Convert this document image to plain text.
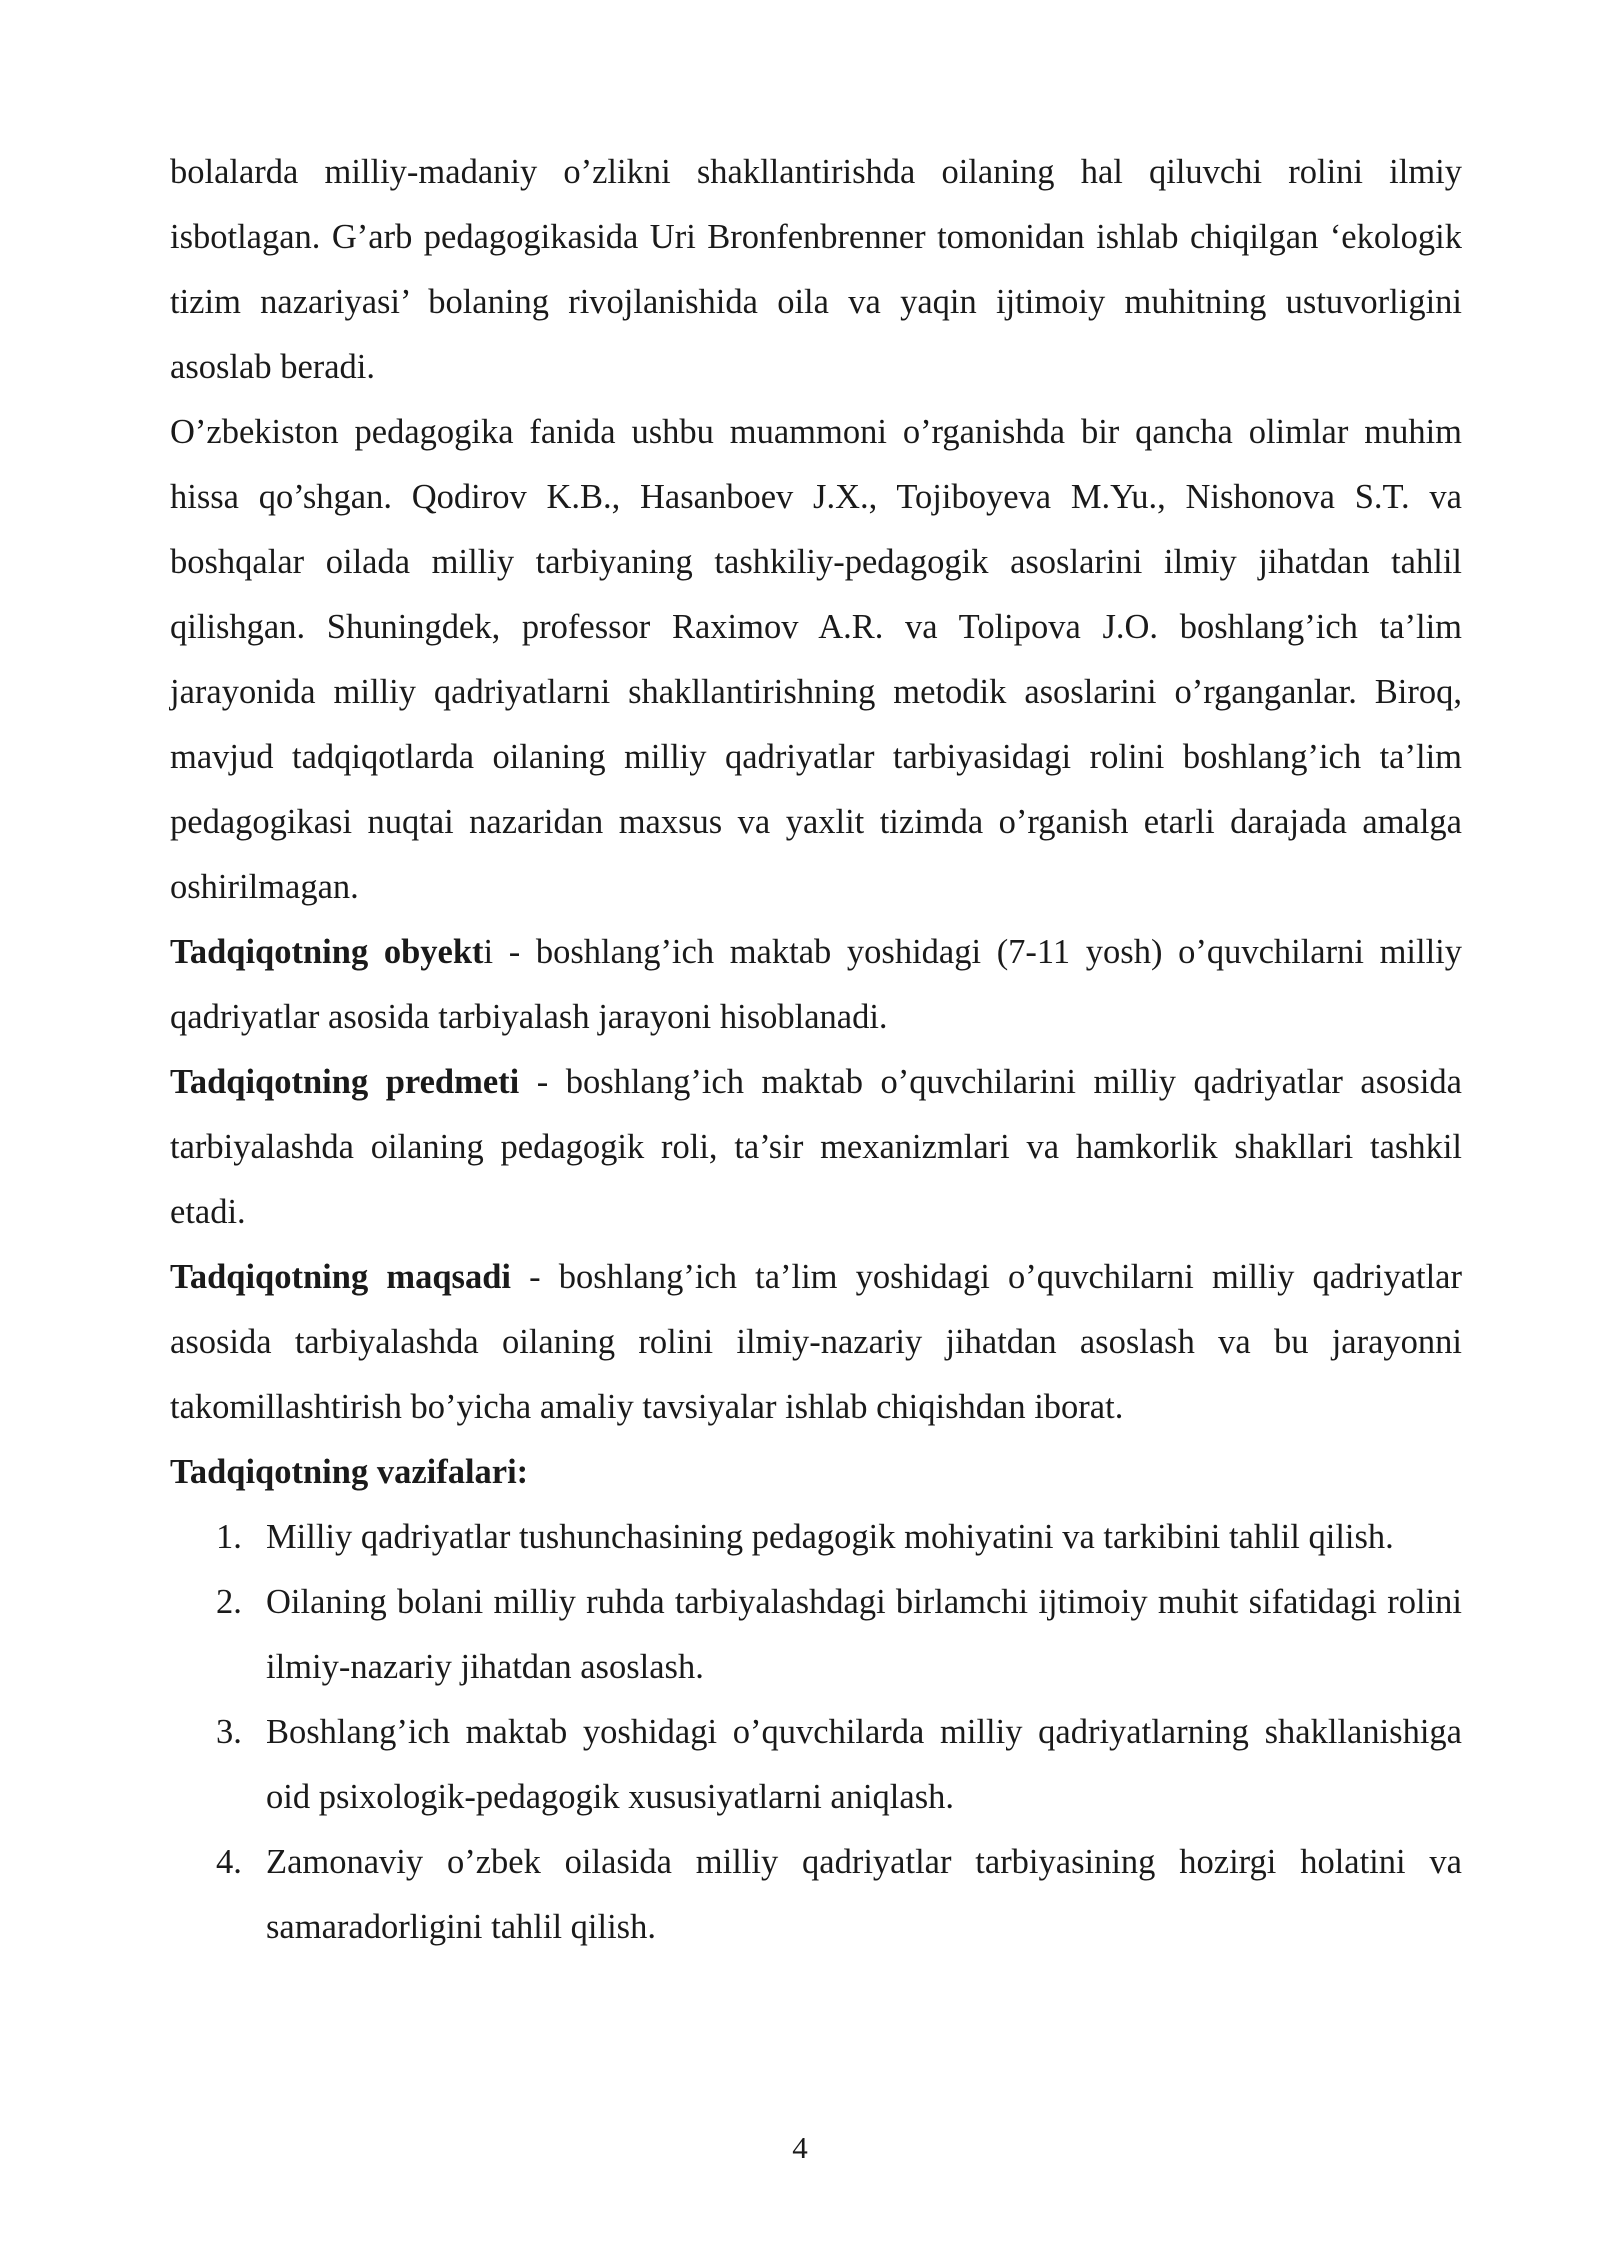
bolalarda milliy-madaniy o’zlikni shakllantirishda oilaning hal qiluvchi rolini ilmiy isbotlagan. G’arb pedagogikasida Uri Bronfenbrenner tomonidan ishlab chiqilgan ‘ekologik tizim nazariyasi’ bolaning rivojlanishida oila va yaqin ijtimoiy muhitning ustuvorligini asoslab beradi.

O’zbekiston pedagogika fanida ushbu muammoni o’rganishda bir qancha olimlar muhim hissa qo’shgan. Qodirov K.B., Hasanboev J.X., Tojiboyeva M.Yu., Nishonova S.T. va boshqalar oilada milliy tarbiyaning tashkiliy-pedagogik asoslarini ilmiy jihatdan tahlil qilishgan. Shuningdek, professor Raximov A.R. va Tolipova J.O. boshlang’ich ta’lim jarayonida milliy qadriyatlarni shakllantirishning metodik asoslarini o’rganganlar. Biroq, mavjud tadqiqotlarda oilaning milliy qadriyatlar tarbiyasidagi rolini boshlang’ich ta’lim pedagogikasi nuqtai nazaridan maxsus va yaxlit tizimda o’rganish etarli darajada amalga oshirilmagan.

Tadqiqotning obyekti - boshlang’ich maktab yoshidagi (7-11 yosh) o’quvchilarni milliy qadriyatlar asosida tarbiyalash jarayoni hisoblanadi.

Tadqiqotning predmeti - boshlang’ich maktab o’quvchilarini milliy qadriyatlar asosida tarbiyalashda oilaning pedagogik roli, ta’sir mexanizmlari va hamkorlik shakllari tashkil etadi.

Tadqiqotning maqsadi - boshlang’ich ta’lim yoshidagi o’quvchilarni milliy qadriyatlar asosida tarbiyalashda oilaning rolini ilmiy-nazariy jihatdan asoslash va bu jarayonni takomillashtirish bo’yicha amaliy tavsiyalar ishlab chiqishdan iborat.

Tadqiqotning vazifalari:

1. Milliy qadriyatlar tushunchasining pedagogik mohiyatini va tarkibini tahlil qilish.
2. Oilaning bolani milliy ruhda tarbiyalashdagi birlamchi ijtimoiy muhit sifatidagi rolini ilmiy-nazariy jihatdan asoslash.
3. Boshlang’ich maktab yoshidagi o’quvchilarda milliy qadriyatlarning shakllanishiga oid psixologik-pedagogik xususiyatlarni aniqlash.
4. Zamonaviy o’zbek oilasida milliy qadriyatlar tarbiyasining hozirgi holatini va samaradorligini tahlil qilish.
4
